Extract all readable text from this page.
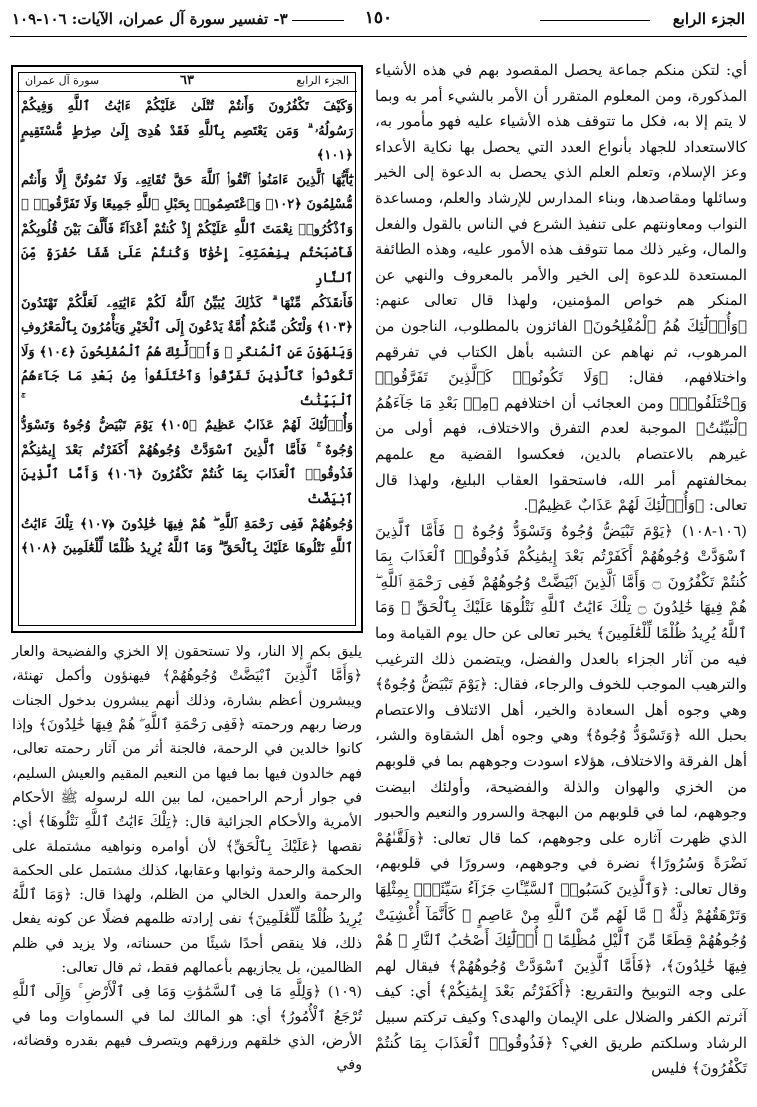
الجزء الرابع
١٥٠
٣- تفسير سورة آل عمران، الآيات: ١٠٦-١٠٩
الجزء الرابع
٦٣
سورة آل عمران

وَكَيْفَ تَكْفُرُونَ وَأَنتُمْ تُتْلَىٰ عَلَيْكُمْ ءَايَٰتُ ٱللَّهِ وَفِيكُمْ

رَسُولُهُۥ ۗ وَمَن يَعْتَصِم بِٱللَّهِ فَقَدْ هُدِىَ إِلَىٰ صِرَٰطٍ مُّسْتَقِيمٍ ﴿١٠١﴾

يَٰٓأَيُّهَا ٱلَّذِينَ ءَامَنُوا۟ ٱتَّقُوا۟ ٱللَّهَ حَقَّ تُقَاتِهِۦ وَلَا تَمُوتُنَّ إِلَّا وَأَنتُم

مُّسْلِمُونَ ﴿١٠٢﴾ وَٱعْتَصِمُوا۟ بِحَبْلِ ٱللَّهِ جَمِيعًا وَلَا تَفَرَّقُوا۟ ۚ

وَٱذْكُرُوا۟ نِعْمَتَ ٱللَّهِ عَلَيْكُمْ إِذْ كُنتُمْ أَعْدَآءً فَأَلَّفَ بَيْنَ قُلُوبِكُمْ

فَأَصْبَحْتُم بِنِعْمَتِهِۦٓ إِخْوَٰنًا وَكُنتُمْ عَلَىٰ شَفَا حُفْرَةٍ مِّنَ ٱلنَّارِ

فَأَنقَذَكُم مِّنْهَا ۗ كَذَٰلِكَ يُبَيِّنُ ٱللَّهُ لَكُمْ ءَايَٰتِهِۦ لَعَلَّكُمْ تَهْتَدُونَ

﴿١٠٣﴾ وَلْتَكُن مِّنكُمْ أُمَّةٌ يَدْعُونَ إِلَى ٱلْخَيْرِ وَيَأْمُرُونَ بِٱلْمَعْرُوفِ

وَيَنْهَوْنَ عَنِ ٱلْمُنكَرِ ۚ وَأُو۟لَٰٓئِكَ هُمُ ٱلْمُفْلِحُونَ ﴿١٠٤﴾ وَلَا

تَكُونُوا۟ كَٱلَّذِينَ تَفَرَّقُوا۟ وَٱخْتَلَفُوا۟ مِنۢ بَعْدِ مَا جَآءَهُمُ ٱلْبَيِّنَٰتُ ۚ

وَأُو۟لَٰٓئِكَ لَهُمْ عَذَابٌ عَظِيمٌ ﴿١٠٥﴾ يَوْمَ تَبْيَضُّ وُجُوهٌ وَتَسْوَدُّ

وُجُوهٌ ۚ فَأَمَّا ٱلَّذِينَ ٱسْوَدَّتْ وُجُوهُهُمْ أَكَفَرْتُم بَعْدَ إِيمَٰنِكُمْ

فَذُوقُوا۟ ٱلْعَذَابَ بِمَا كُنتُمْ تَكْفُرُونَ ﴿١٠٦﴾ وَأَمَّا ٱلَّذِينَ ٱبْيَضَّتْ

وُجُوهُهُمْ فَفِى رَحْمَةِ ٱللَّهِ ۖ هُمْ فِيهَا خَٰلِدُونَ ﴿١٠٧﴾ تِلْكَ ءَايَٰتُ

ٱللَّهِ نَتْلُوهَا عَلَيْكَ بِٱلْحَقِّ ۗ وَمَا ٱللَّهُ يُرِيدُ ظُلْمًا لِّلْعَٰلَمِينَ ﴿١٠٨﴾

أي: لتكن منكم جماعة يحصل المقصود بهم في هذه الأشياء المذكورة، ومن المعلوم المتقرر أن الأمر بالشيء أمر به وبما لا يتم إلا به، فكل ما تتوقف هذه الأشياء عليه فهو مأمور به، كالاستعداد للجهاد بأنواع العدد التي يحصل بها نكاية الأعداء وعز الإسلام، وتعلم العلم الذي يحصل به الدعوة إلى الخير وسائلها ومقاصدها، وبناء المدارس للإرشاد والعلم، ومساعدة النواب ومعاونتهم على تنفيذ الشرع في الناس بالقول والفعل والمال، وغير ذلك مما تتوقف هذه الأمور عليه، وهذه الطائفة المستعدة للدعوة إلى الخير والأمر بالمعروف والنهي عن المنكر هم خواص المؤمنين، ولهذا قال تعالى عنهم: ﴿وَأُو۟لَٰٓئِكَ هُمُ ٱلْمُفْلِحُونَ﴾ الفائزون بالمطلوب، الناجون من المرهوب، ثم نهاهم عن التشبه بأهل الكتاب في تفرقهم واختلافهم، فقال: ﴿وَلَا تَكُونُوا۟ كَٱلَّذِينَ تَفَرَّقُوا۟ وَٱخْتَلَفُوا۟﴾ ومن العجائب أن اختلافهم ﴿مِنۢ بَعْدِ مَا جَآءَهُمُ ٱلْبَيِّنَٰتُ﴾ الموجبة لعدم التفرق والاختلاف، فهم أولى من غيرهم بالاعتصام بالدين، فعكسوا القضية مع علمهم بمخالفتهم أمر الله، فاستحقوا العقاب البليغ، ولهذا قال تعالى: ﴿وَأُو۟لَٰٓئِكَ لَهُمْ عَذَابٌ عَظِيمٌ﴾.

(١٠٦-١٠٨) ﴿يَوْمَ تَبْيَضُّ وُجُوهٌ وَتَسْوَدُّ وُجُوهٌ ۚ فَأَمَّا ٱلَّذِينَ ٱسْوَدَّتْ وُجُوهُهُمْ أَكَفَرْتُم بَعْدَ إِيمَٰنِكُمْ فَذُوقُوا۟ ٱلْعَذَابَ بِمَا كُنتُمْ تَكْفُرُونَ ۝ وَأَمَّا ٱلَّذِينَ ٱبْيَضَّتْ وُجُوهُهُمْ فَفِى رَحْمَةِ ٱللَّهِ ۖ هُمْ فِيهَا خَٰلِدُونَ ۝ تِلْكَ ءَايَٰتُ ٱللَّهِ نَتْلُوهَا عَلَيْكَ بِٱلْحَقِّ ۗ وَمَا ٱللَّهُ يُرِيدُ ظُلْمًا لِّلْعَٰلَمِينَ﴾ يخبر تعالى عن حال يوم القيامة وما فيه من آثار الجزاء بالعدل والفضل، ويتضمن ذلك الترغيب والترهيب الموجب للخوف والرجاء، فقال: ﴿يَوْمَ تَبْيَضُّ وُجُوهٌ﴾ وهي وجوه أهل السعادة والخير، أهل الائتلاف والاعتصام بحبل الله ﴿وَتَسْوَدُّ وُجُوهٌ﴾ وهي وجوه أهل الشقاوة والشر، أهل الفرقة والاختلاف، هؤلاء اسودت وجوههم بما في قلوبهم من الخزي والهوان والذلة والفضيحة، وأولئك ابيضت وجوههم، لما في قلوبهم من البهجة والسرور والنعيم والحبور الذي ظهرت آثاره على وجوههم، كما قال تعالى: ﴿وَلَقَّىٰهُمْ نَضْرَةً وَسُرُورًا﴾ نضرة في وجوههم، وسرورًا في قلوبهم، وقال تعالى: ﴿وَٱلَّذِينَ كَسَبُوا۟ ٱلسَّيِّـَٔاتِ جَزَآءُ سَيِّئَةٍۭ بِمِثْلِهَا وَتَرْهَقُهُمْ ذِلَّةٌ ۖ مَّا لَهُم مِّنَ ٱللَّهِ مِنْ عَاصِمٍ ۖ كَأَنَّمَآ أُغْشِيَتْ وُجُوهُهُمْ قِطَعًا مِّنَ ٱلَّيْلِ مُظْلِمًا ۚ أُو۟لَٰٓئِكَ أَصْحَٰبُ ٱلنَّارِ ۖ هُمْ فِيهَا خَٰلِدُونَ﴾، ﴿فَأَمَّا ٱلَّذِينَ ٱسْوَدَّتْ وُجُوهُهُمْ﴾ فيقال لهم على وجه التوبيخ والتقريع: ﴿أَكَفَرْتُم بَعْدَ إِيمَٰنِكُمْ﴾ أي: كيف آثرتم الكفر والضلال على الإيمان والهدى؟ وكيف تركتم سبيل الرشاد وسلكتم طريق الغي؟ ﴿فَذُوقُوا۟ ٱلْعَذَابَ بِمَا كُنتُمْ تَكْفُرُونَ﴾ فليس

يليق بكم إلا النار، ولا تستحقون إلا الخزي والفضيحة والعار ﴿وَأَمَّا ٱلَّذِينَ ٱبْيَضَّتْ وُجُوهُهُمْ﴾ فيهنؤون وأكمل تهنئة، ويبشرون أعظم بشارة، وذلك أنهم يبشرون بدخول الجنات ورضا ربهم ورحمته ﴿فَفِى رَحْمَةِ ٱللَّهِ ۖ هُمْ فِيهَا خَٰلِدُونَ﴾ وإذا كانوا خالدين في الرحمة، فالجنة أثر من آثار رحمته تعالى، فهم خالدون فيها بما فيها من النعيم المقيم والعيش السليم، في جوار أرحم الراحمين، لما بين الله لرسوله ﷺ الأحكام الأمرية والأحكام الجزائية قال: ﴿تِلْكَ ءَايَٰتُ ٱللَّهِ نَتْلُوهَا﴾ أي: نقصها ﴿عَلَيْكَ بِٱلْحَقِّ﴾ لأن أوامره ونواهيه مشتملة على الحكمة والرحمة وثوابها وعقابها، كذلك مشتمل على الحكمة والرحمة والعدل الخالي من الظلم، ولهذا قال: ﴿وَمَا ٱللَّهُ يُرِيدُ ظُلْمًا لِّلْعَٰلَمِينَ﴾ نفى إرادته ظلمهم فضلًا عن كونه يفعل ذلك، فلا ينقص أحدًا شيئًا من حسناته، ولا يزيد في ظلم الظالمين، بل يجازيهم بأعمالهم فقط، ثم قال تعالى:

(١٠٩) ﴿وَلِلَّهِ مَا فِى ٱلسَّمَٰوَٰتِ وَمَا فِى ٱلْأَرْضِ ۚ وَإِلَى ٱللَّهِ تُرْجَعُ ٱلْأُمُورُ﴾ أي: هو المالك لما في السماوات وما في الأرض، الذي خلقهم ورزقهم ويتصرف فيهم بقدره وقضائه، وفي
